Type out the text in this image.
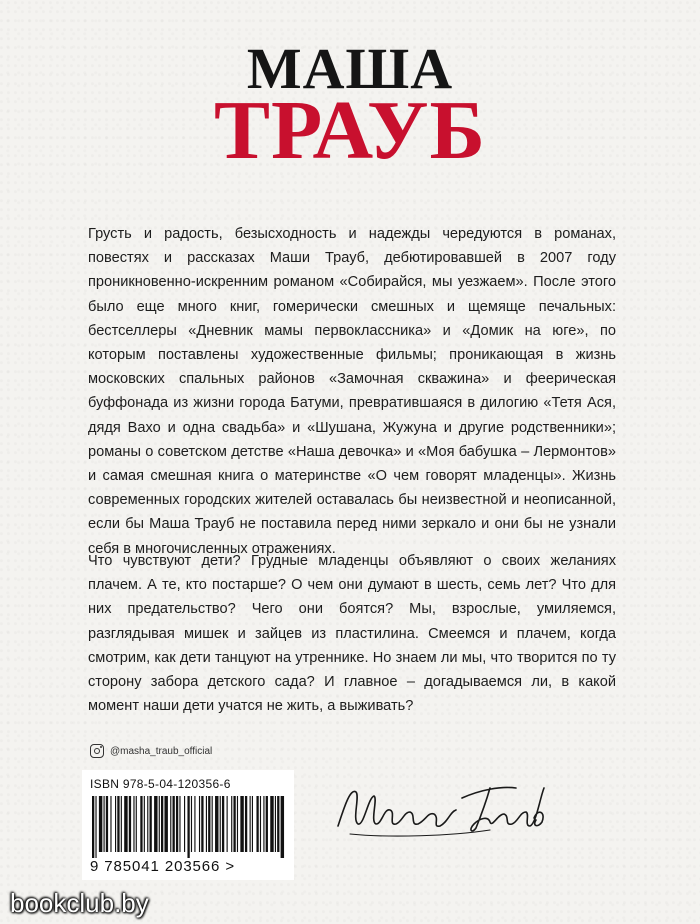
МАША
ТРАУБ

Грусть и радость, безысходность и надежды чередуются в романах, повестях и рассказах Маши Трауб, дебютировавшей в 2007 году проникновенно-искренним романом «Собирайся, мы уезжаем». После этого было еще много книг, гомерически смешных и щемяще печальных: бестселлеры «Дневник мамы первоклассника» и «Домик на юге», по которым поставлены художественные фильмы; проникающая в жизнь московских спальных районов «Замочная скважина» и феерическая буффонада из жизни города Батуми, превратившаяся в дилогию «Тетя Ася, дядя Вахо и одна свадьба» и «Шушана, Жужуна и другие родственники»; романы о советском детстве «Наша девочка» и «Моя бабушка – Лермонтов» и самая смешная книга о материнстве «О чем говорят младенцы». Жизнь современных городских жителей оставалась бы неизвестной и неописанной, если бы Маша Трауб не поставила перед ними зеркало и они бы не узнали себя в многочисленных отражениях.

Что чувствуют дети? Грудные младенцы объявляют о своих желаниях плачем. А те, кто постарше? О чем они думают в шесть, семь лет? Что для них предательство? Чего они боятся? Мы, взрослые, умиляемся, разглядывая мишек и зайцев из пластилина. Смеемся и плачем, когда смотрим, как дети танцуют на утреннике. Но знаем ли мы, что творится по ту сторону забора детского сада? И главное – догадываемся ли, в какой момент наши дети учатся не жить, а выживать?

@masha_traub_official
ISBN 978-5-04-120356-6
9 785041 203566 >
bookclub.by
